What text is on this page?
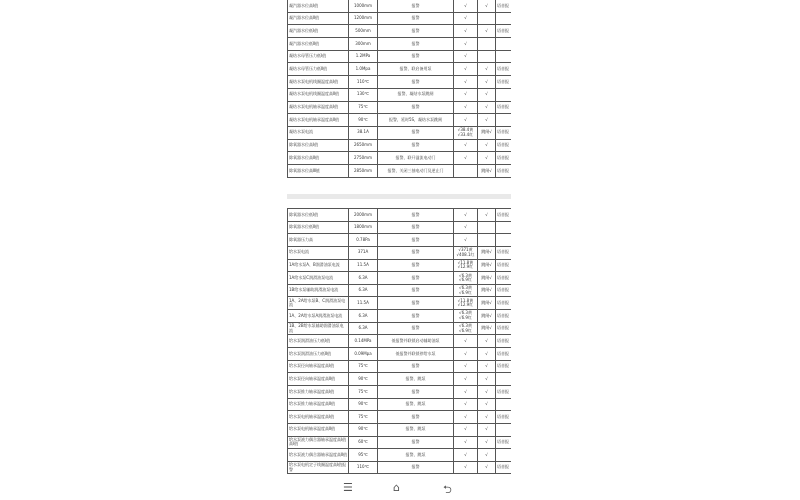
凝汽器水位高Ⅰ值	1000mm	报警	√	√	语音报
凝汽器水位高Ⅱ值	1200mm	报警	√		
凝汽器水位低Ⅰ值	500mm	报警	√	√	语音报
凝汽器水位低Ⅱ值	300mm	报警	√		
凝结水母管压力低Ⅰ值	1.2MPa	报警	√		
凝结水母管压力低Ⅱ值	1.0Mpa	报警，联启备用泵	√	√	语音报
凝结水泵电机线圈温度高Ⅰ值	110℃	报警	√	√	语音报
凝结水泵电机线圈温度高Ⅱ值	130℃	报警，凝结水泵跳闸	√	√	
凝结水泵电机轴承温度高Ⅰ值	75℃	报警	√	√	语音报
凝结水泵电机轴承温度高Ⅱ值	90℃	报警，延时5S，凝结水泵跳闸	√	√	
凝结水泵电流	38.1A	报警	√38.4黄 √33.4红	跳闸√	语音报
除氧器水位高Ⅰ值	2650mm	报警	√	√	语音报
除氧器水位高Ⅱ值	2750mm	报警，联开溢流电动门	√	√	语音报
除氧器水位高Ⅲ值	2850mm	报警，关闭三抽电动门及逆止门		跳闸√	语音报
除氧器水位低Ⅰ值	2000mm	报警	√	√	语音报
除氧器水位低Ⅱ值	1800mm	报警	√		
除氧器压力高	0.78Pa	报警	√		
给水泵电流	371A	报警	√371黄 √408.1红	跳闸√	语音报
1A给水泵A、B润滑油泵电流	11.5A	报警	√11.8黄 √12.9红	跳闸√	语音报
1A给水泵C润滑油泵电流	6.3A	报警	√6.3黄 √6.9红	跳闸√	语音报
1B给水泵辅助润滑油泵电流	6.3A	报警	√6.3黄 √6.9红	跳闸√	语音报
1A、2A给水泵B、C润滑油泵电流	11.5A	报警	√11.8黄 √12.9红	跳闸√	语音报
1A、2A给水泵A润滑油泵电流	6.3A	报警	√6.3黄 √6.9红	跳闸√	语音报
1B、2B给水泵辅助润滑油泵电流	6.3A	报警	√6.3黄 √6.9红	跳闸√	语音报
给水泵润滑油压力低Ⅰ值	0.14MPa	低报警并联锁启动辅助油泵	√	√	语音报
给水泵润滑油压力低Ⅱ值	0.09Mpa	低报警并联锁停给水泵	√	√	语音报
给水泵径向轴承温度高Ⅰ值	75℃	报警	√	√	语音报
给水泵径向轴承温度高Ⅱ值	90℃	报警，跳泵	√	√	
给水泵推力轴承温度高Ⅰ值	75℃	报警	√	√	语音报
给水泵推力轴承温度高Ⅱ值	90℃	报警，跳泵	√	√	
给水泵电机轴承温度高Ⅰ值	75℃	报警	√	√	语音报
给水泵电机轴承温度高Ⅱ值	90℃	报警，跳泵	√	√	
给水泵液力偶合器轴承温度高Ⅰ值高Ⅰ值	60℃	报警	√	√	语音报
给水泵液力偶合器轴承温度高Ⅱ值	95℃	报警，跳泵	√	√	
给水泵电机定子线圈温度高Ⅰ值报警	110℃	报警	√	√	语音报
☰	⌂	⮌
